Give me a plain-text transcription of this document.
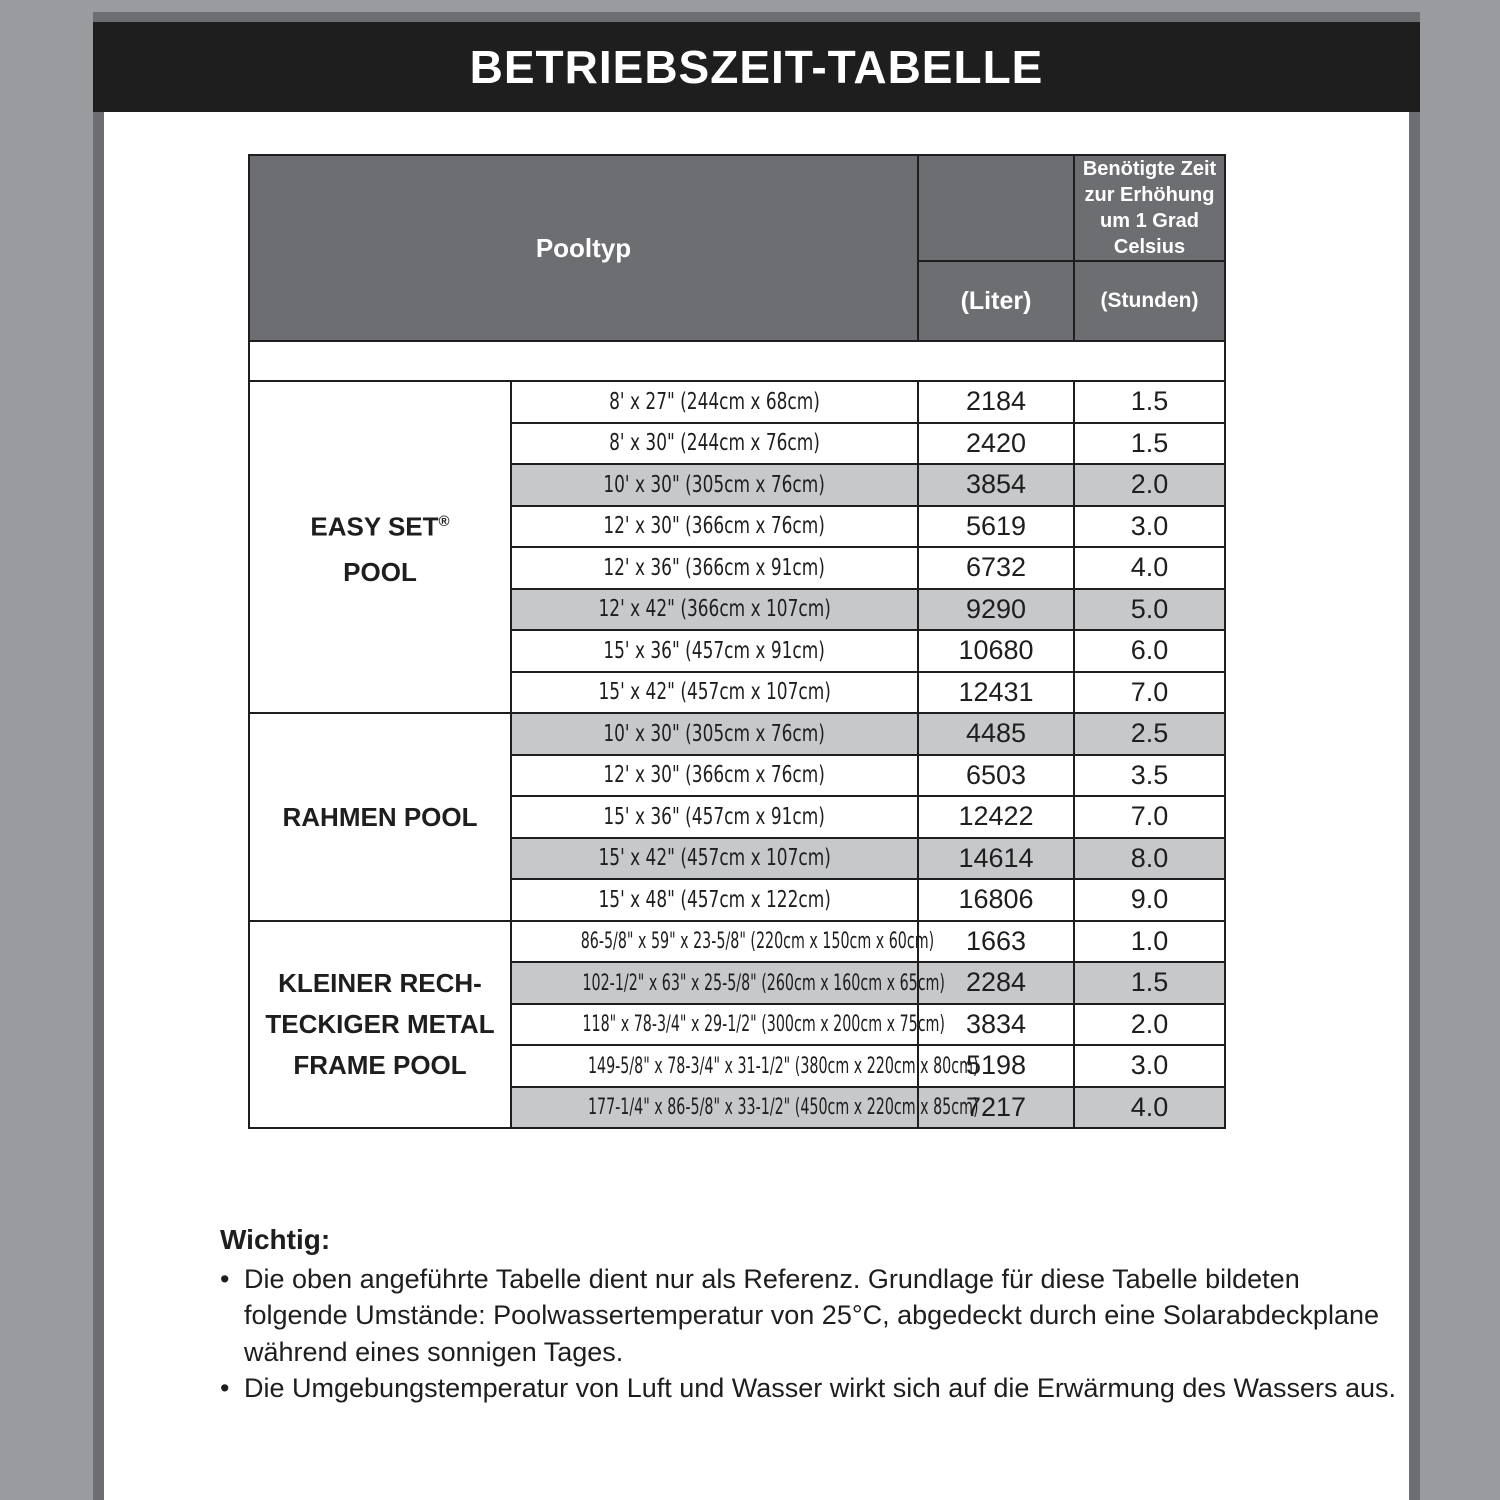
BETRIEBSZEIT-TABELLE
Pooltyp			Benötigte Zeit zur Erhöhung um 1 Grad Celsius
		(Liter)	(Stunden)

EASY SET®
POOL	8' x 27" (244cm x 68cm)	2184	1.5
	8' x 30" (244cm x 76cm)	2420	1.5
	10' x 30" (305cm x 76cm)	3854	2.0
	12' x 30" (366cm x 76cm)	5619	3.0
	12' x 36" (366cm x 91cm)	6732	4.0
	12' x 42" (366cm x 107cm)	9290	5.0
	15' x 36" (457cm x 91cm)	10680	6.0
	15' x 42" (457cm x 107cm)	12431	7.0

RAHMEN POOL	10' x 30" (305cm x 76cm)	4485	2.5
	12' x 30" (366cm x 76cm)	6503	3.5
	15' x 36" (457cm x 91cm)	12422	7.0
	15' x 42" (457cm x 107cm)	14614	8.0
	15' x 48" (457cm x 122cm)	16806	9.0

KLEINER RECH-
TECKIGER METAL
FRAME POOL	86-5/8" x 59" x 23-5/8" (220cm x 150cm x 60cm)	1663	1.0
	102-1/2" x 63" x 25-5/8" (260cm x 160cm x 65cm)	2284	1.5
	118" x 78-3/4" x 29-1/2" (300cm x 200cm x 75cm)	3834	2.0
	149-5/8" x 78-3/4" x 31-1/2" (380cm x 220cm x 80cm)	5198	3.0
	177-1/4" x 86-5/8" x 33-1/2" (450cm x 220cm x 85cm)	7217	4.0
Wichtig:
• Die oben angeführte Tabelle dient nur als Referenz. Grundlage für diese Tabelle bildeten folgende Umstände: Poolwassertemperatur von 25°C, abgedeckt durch eine Solarabdeckplane während eines sonnigen Tages.
• Die Umgebungstemperatur von Luft und Wasser wirkt sich auf die Erwärmung des Wassers aus.
